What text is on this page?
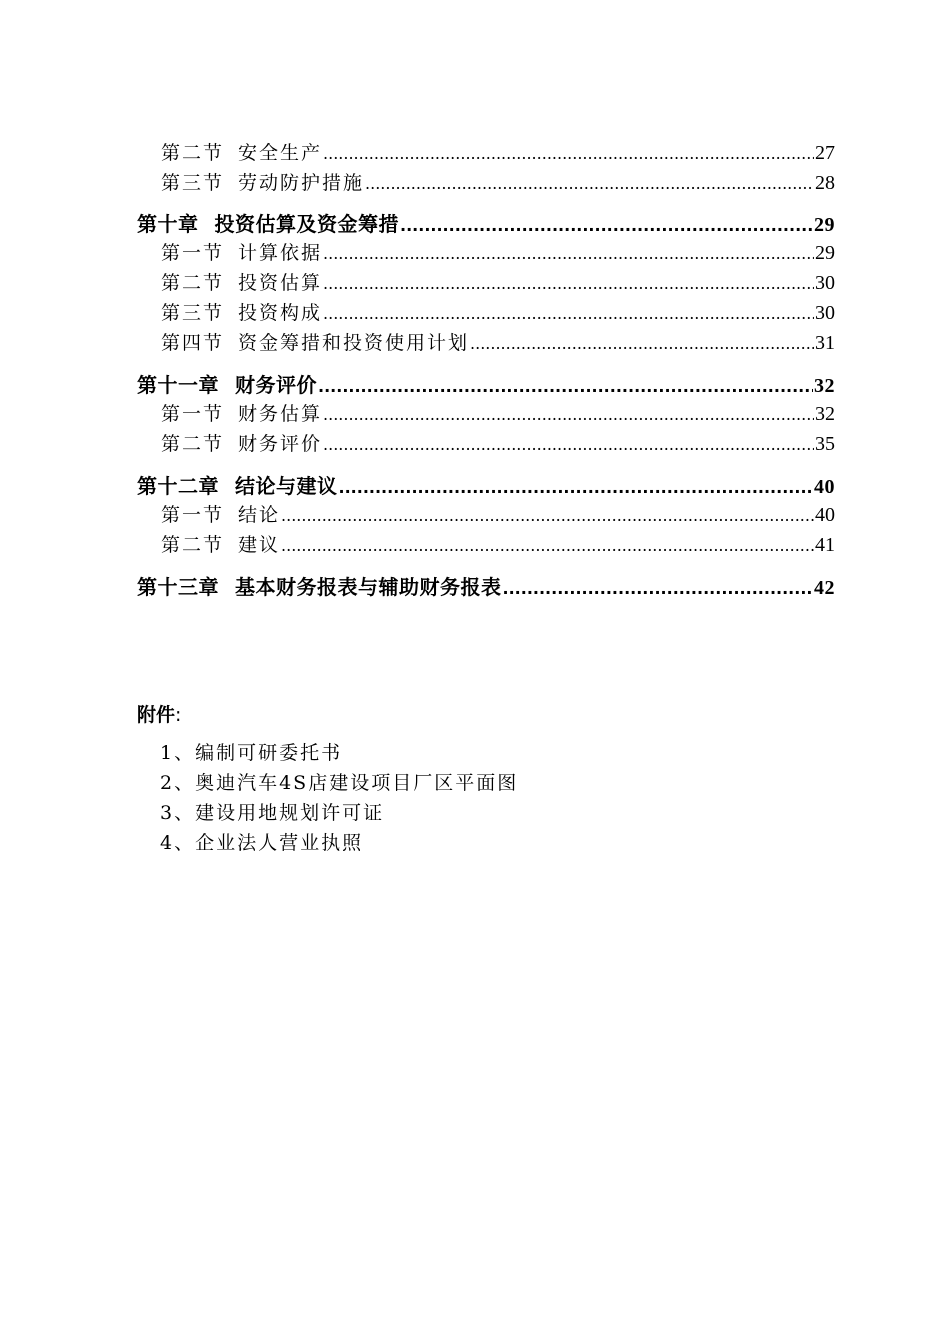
第二节 安全生产 .....	27
第三节 劳动防护措施 .....	28
第十章 投资估算及资金筹措 .....	29
第一节 计算依据 .....	29
第二节 投资估算 .....	30
第三节 投资构成 .....	30
第四节 资金筹措和投资使用计划 .....	31
第十一章 财务评价 .....	32
第一节 财务估算 .....	32
第二节 财务评价 .....	35
第十二章 结论与建议 .....	40
第一节 结论 .....	40
第二节 建议 .....	41
第十三章 基本财务报表与辅助财务报表 .....	42
附件:
1、编制可研委托书
2、奥迪汽车4S店建设项目厂区平面图
3、建设用地规划许可证
4、企业法人营业执照
